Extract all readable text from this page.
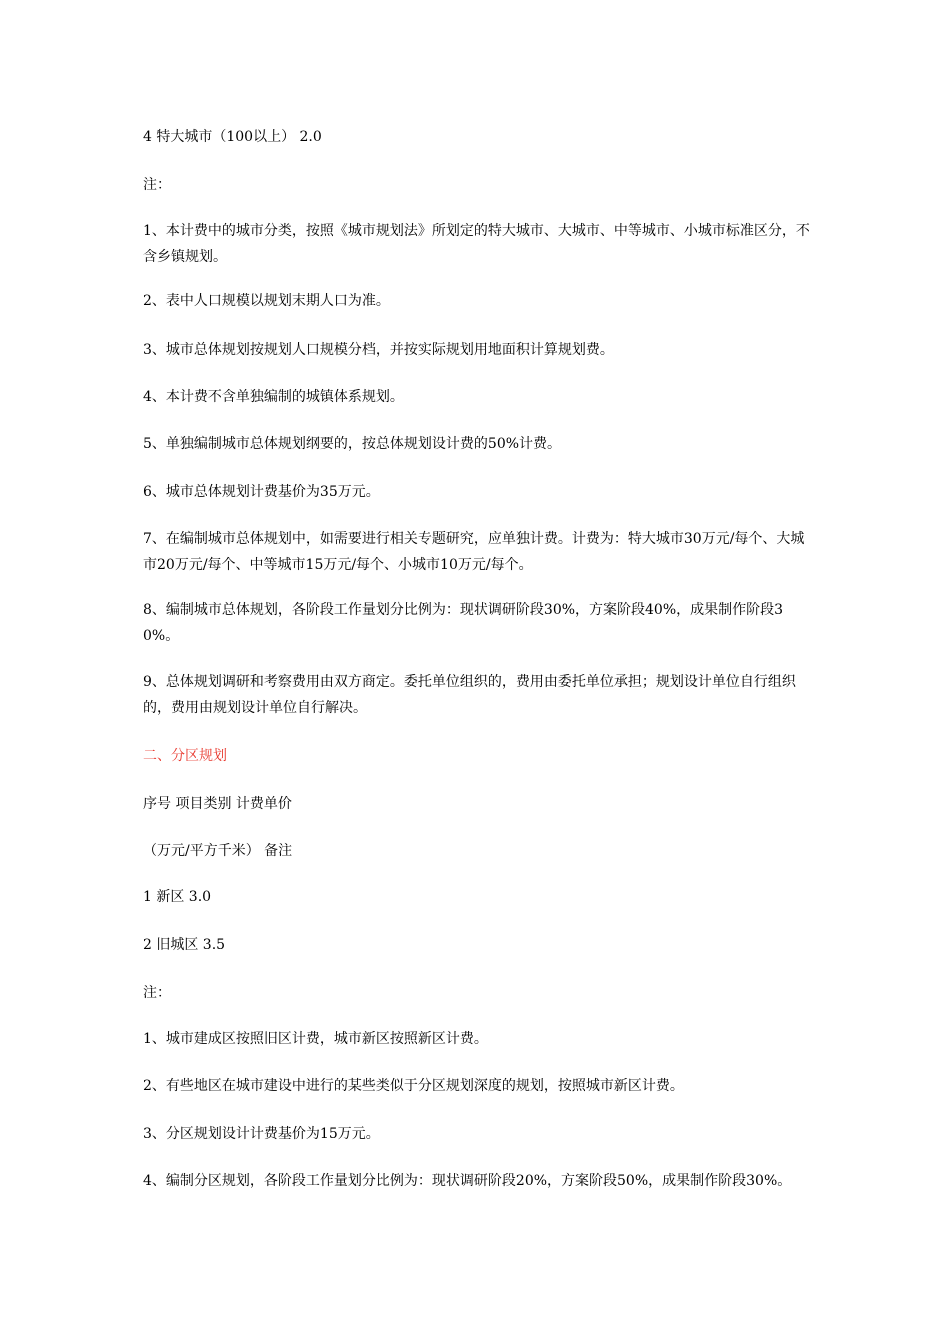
4 特大城市（100以上） 2.0
注：
1、本计费中的城市分类，按照《城市规划法》所划定的特大城市、大城市、中等城市、小城市标准区分，不含乡镇规划。
2、表中人口规模以规划末期人口为准。
3、城市总体规划按规划人口规模分档，并按实际规划用地面积计算规划费。
4、本计费不含单独编制的城镇体系规划。
5、单独编制城市总体规划纲要的，按总体规划设计费的50%计费。
6、城市总体规划计费基价为35万元。
7、在编制城市总体规划中，如需要进行相关专题研究，应单独计费。计费为：特大城市30万元/每个、大城市20万元/每个、中等城市15万元/每个、小城市10万元/每个。
8、编制城市总体规划，各阶段工作量划分比例为：现状调研阶段30%，方案阶段40%，成果制作阶段30%。
9、总体规划调研和考察费用由双方商定。委托单位组织的，费用由委托单位承担；规划设计单位自行组织的，费用由规划设计单位自行解决。
二、分区规划
序号 项目类别 计费单价
（万元/平方千米） 备注
1 新区 3.0
2 旧城区 3.5
注：
1、城市建成区按照旧区计费，城市新区按照新区计费。
2、有些地区在城市建设中进行的某些类似于分区规划深度的规划，按照城市新区计费。
3、分区规划设计计费基价为15万元。
4、编制分区规划，各阶段工作量划分比例为：现状调研阶段20%，方案阶段50%，成果制作阶段30%。
